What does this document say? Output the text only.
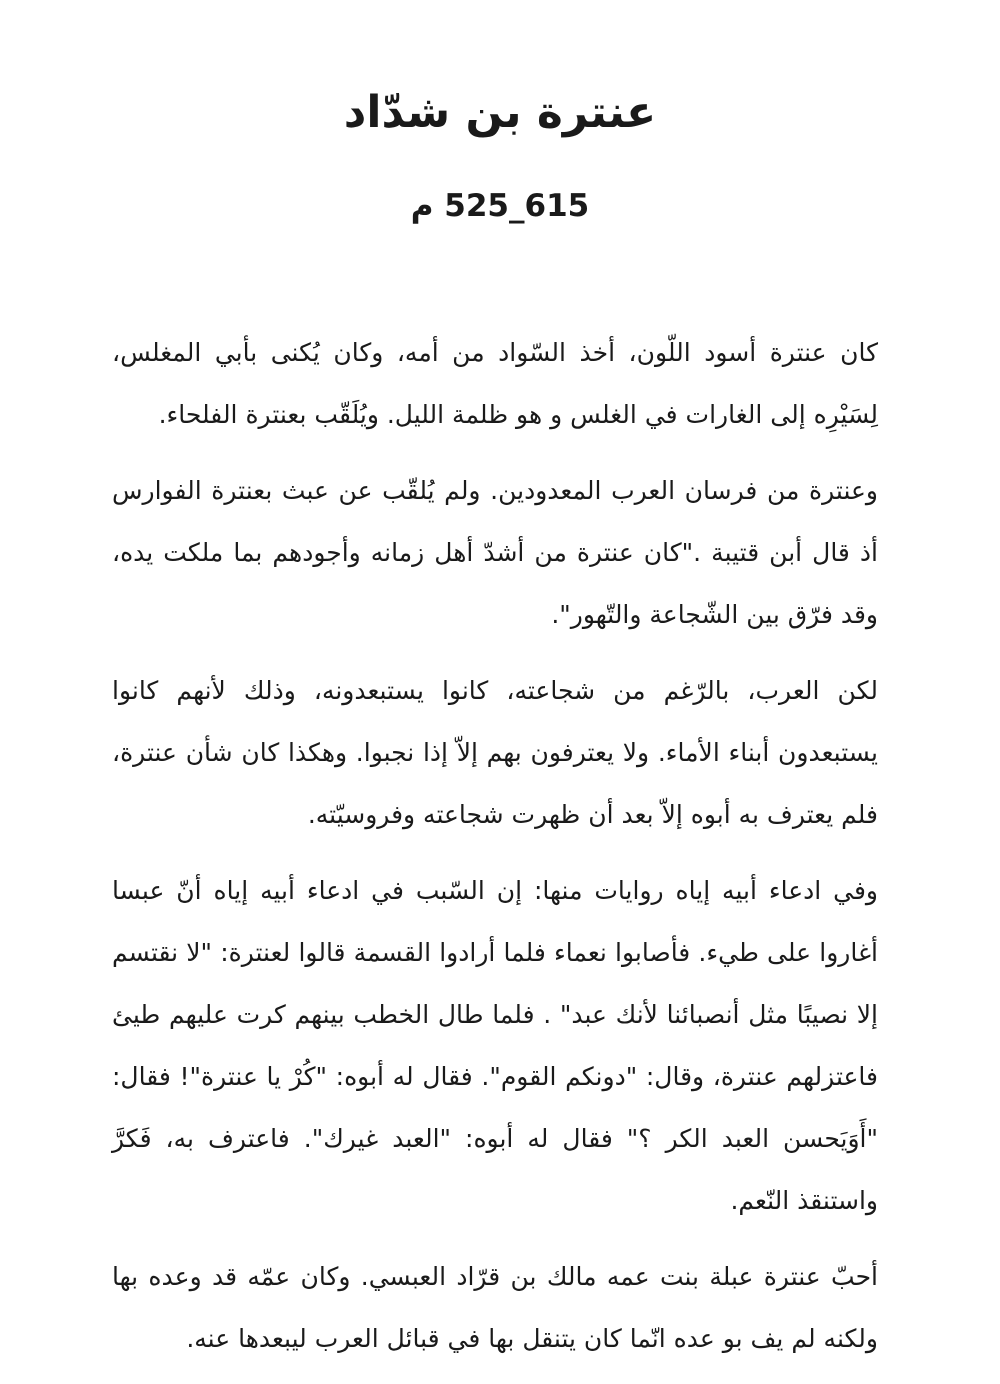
عنترة بن شدّاد
615_525 م

كان عنترة أسود اللّون، أخذ السّواد من أمه، وكان يُكنى بأبي المغلس، لِسَيْرِه إلى الغارات في الغلس و هو ظلمة الليل. ويُلَقّب بعنترة الفلحاء.

وعنترة من فرسان العرب المعدودين. ولم يُلقّب عن عبث بعنترة الفوارس أذ قال أبن قتيبة ."كان عنترة من أشدّ أهل زمانه وأجودهم بما ملكت يده، وقد فرّق بين الشّجاعة والتّهور".

لكن العرب، بالرّغم من شجاعته، كانوا يستبعدونه، وذلك لأنهم كانوا يستبعدون أبناء الأماء. ولا يعترفون بهم إلاّ إذا نجبوا. وهكذا كان شأن عنترة، فلم يعترف به أبوه إلاّ بعد أن ظهرت شجاعته وفروسيّته.

وفي ادعاء أبيه إياه روايات منها: إن السّبب في ادعاء أبيه إياه أنّ عبسا أغاروا على طيء. فأصابوا نعماء فلما أرادوا القسمة قالوا لعنترة: "لا نقتسم إلا نصيبًا مثل أنصبائنا لأنك عبد" . فلما طال الخطب بينهم كرت عليهم طيئ فاعتزلهم عنترة، وقال: "دونكم القوم". فقال له أبوه: "كُرْ يا عنترة"! فقال: "أَوَيَحسن العبد الكر ؟" فقال له أبوه: "العبد غيرك". فاعترف به، فَكرَّ واستنقذ النّعم.

أحبّ عنترة عبلة بنت عمه مالك بن قرّاد العبسي. وكان عمّه قد وعده بها ولكنه لم يف بو عده انّما كان يتنقل بها في قبائل العرب ليبعدها عنه.
